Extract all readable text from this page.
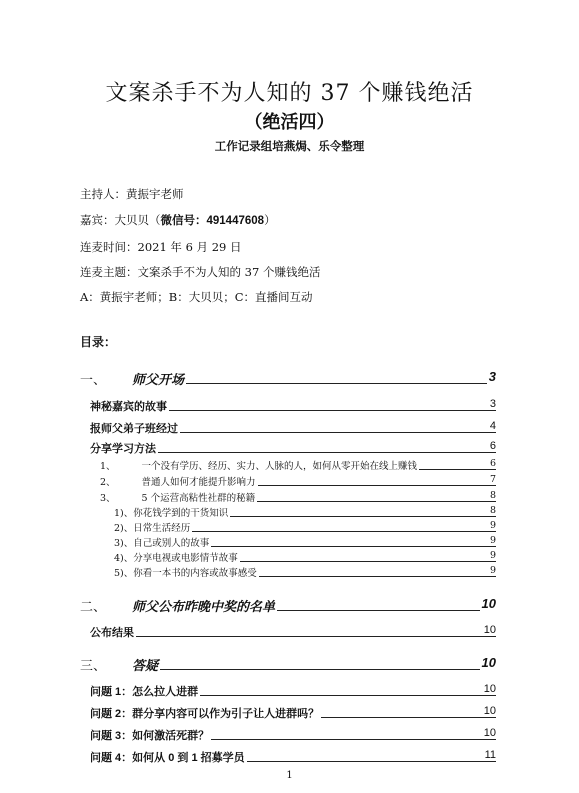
文案杀手不为人知的 37 个赚钱绝活
（绝活四）
工作记录组培燕焗、乐令整理
主持人：黄振宇老师
嘉宾：大贝贝（微信号：491447608）
连麦时间：2021 年 6 月 29 日
连麦主题：文案杀手不为人知的 37 个赚钱绝活
A：黄振宇老师；B：大贝贝；C：直播间互动
目录：
一、 师父开场	3
神秘嘉宾的故事	3
报师父弟子班经过	4
分享学习方法	6
1、	一个没有学历、经历、实力、人脉的人，如何从零开始在线上赚钱	6
2、	普通人如何才能提升影响力	7
3、	5 个运营高粘性社群的秘籍	8
1)、你花钱学到的干货知识	8
2)、日常生活经历	9
3)、自己或别人的故事	9
4)、分享电视或电影情节故事	9
5)、你看一本书的内容或故事感受	9
二、 师父公布昨晚中奖的名单	10
公布结果	10
三、 答疑	10
问题 1：怎么拉人进群	10
问题 2：群分享内容可以作为引子让人进群吗？	10
问题 3：如何激活死群？	10
问题 4：如何从 0 到 1 招募学员	11
1
